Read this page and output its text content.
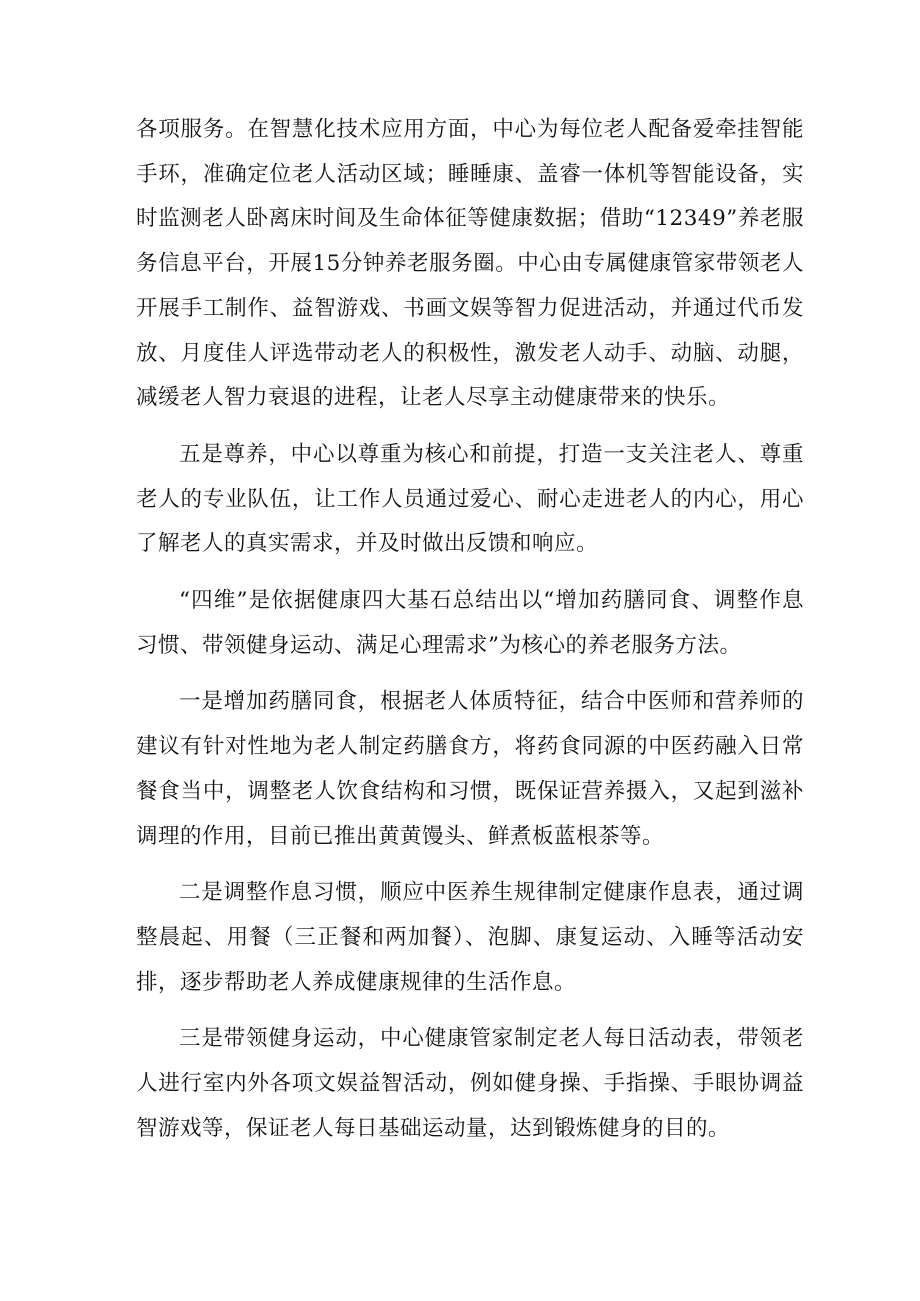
各项服务。在智慧化技术应用方面，中心为每位老人配备爱牵挂智能手环，准确定位老人活动区域；睡睡康、盖睿一体机等智能设备，实时监测老人卧离床时间及生命体征等健康数据；借助“12349”养老服务信息平台，开展15分钟养老服务圈。中心由专属健康管家带领老人开展手工制作、益智游戏、书画文娱等智力促进活动，并通过代币发放、月度佳人评选带动老人的积极性，激发老人动手、动脑、动腿，减缓老人智力衰退的进程，让老人尽享主动健康带来的快乐。

五是尊养，中心以尊重为核心和前提，打造一支关注老人、尊重老人的专业队伍，让工作人员通过爱心、耐心走进老人的内心，用心了解老人的真实需求，并及时做出反馈和响应。

“四维”是依据健康四大基石总结出以“增加药膳同食、调整作息习惯、带领健身运动、满足心理需求”为核心的养老服务方法。

一是增加药膳同食，根据老人体质特征，结合中医师和营养师的建议有针对性地为老人制定药膳食方，将药食同源的中医药融入日常餐食当中，调整老人饮食结构和习惯，既保证营养摄入，又起到滋补调理的作用，目前已推出黄黄馒头、鲜煮板蓝根茶等。

二是调整作息习惯，顺应中医养生规律制定健康作息表，通过调整晨起、用餐（三正餐和两加餐）、泡脚、康复运动、入睡等活动安排，逐步帮助老人养成健康规律的生活作息。

三是带领健身运动，中心健康管家制定老人每日活动表，带领老人进行室内外各项文娱益智活动，例如健身操、手指操、手眼协调益智游戏等，保证老人每日基础运动量，达到锻炼健身的目的。
